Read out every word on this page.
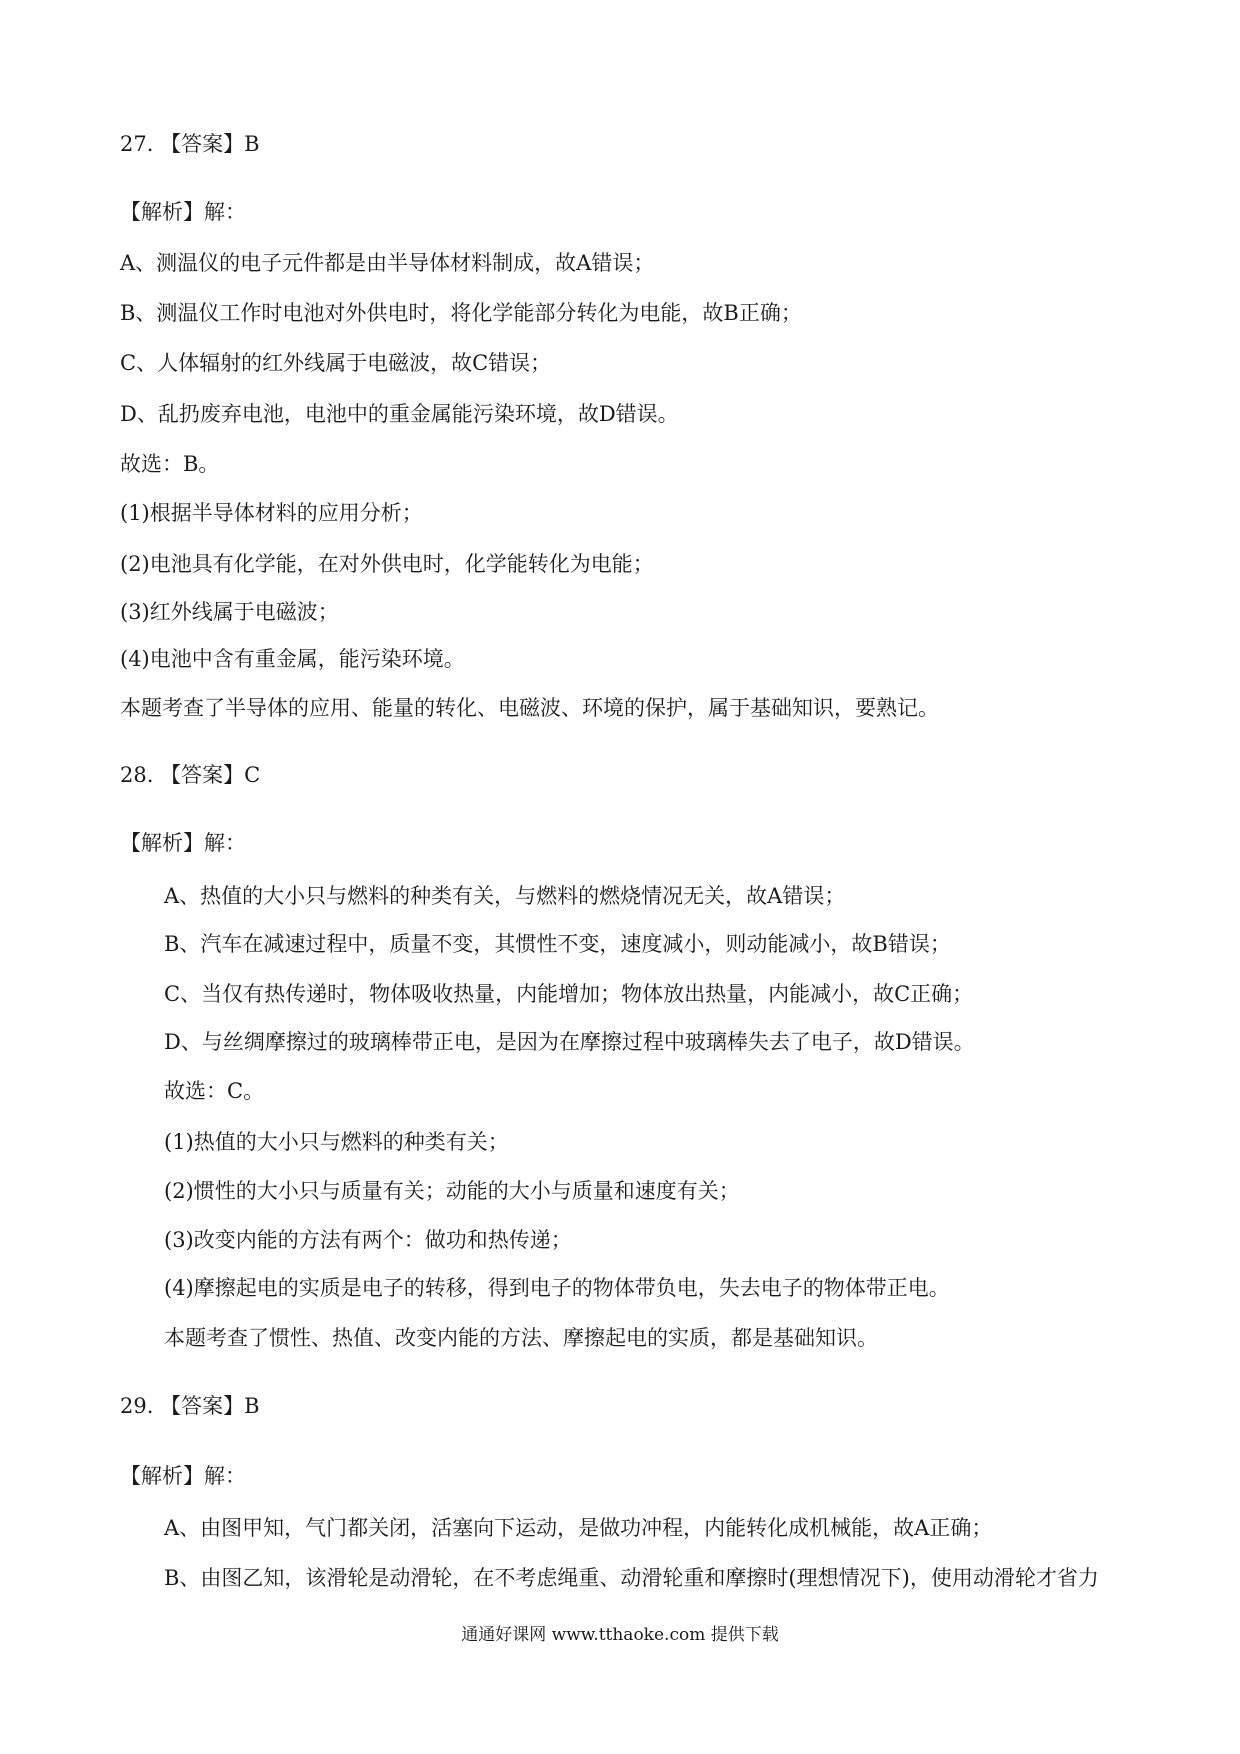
27. 【答案】B
【解析】解：
A、测温仪的电子元件都是由半导体材料制成，故A错误；
B、测温仪工作时电池对外供电时，将化学能部分转化为电能，故B正确；
C、人体辐射的红外线属于电磁波，故C错误；
D、乱扔废弃电池，电池中的重金属能污染环境，故D错误。
故选：B。
(1)根据半导体材料的应用分析；
(2)电池具有化学能，在对外供电时，化学能转化为电能；
(3)红外线属于电磁波；
(4)电池中含有重金属，能污染环境。
本题考查了半导体的应用、能量的转化、电磁波、环境的保护，属于基础知识，要熟记。
28. 【答案】C
【解析】解：
A、热值的大小只与燃料的种类有关，与燃料的燃烧情况无关，故A错误；
B、汽车在减速过程中，质量不变，其惯性不变，速度减小，则动能减小，故B错误；
C、当仅有热传递时，物体吸收热量，内能增加；物体放出热量，内能减小，故C正确；
D、与丝绸摩擦过的玻璃棒带正电，是因为在摩擦过程中玻璃棒失去了电子，故D错误。
故选：C。
(1)热值的大小只与燃料的种类有关；
(2)惯性的大小只与质量有关；动能的大小与质量和速度有关；
(3)改变内能的方法有两个：做功和热传递；
(4)摩擦起电的实质是电子的转移，得到电子的物体带负电，失去电子的物体带正电。
本题考查了惯性、热值、改变内能的方法、摩擦起电的实质，都是基础知识。
29. 【答案】B
【解析】解：
A、由图甲知，气门都关闭，活塞向下运动，是做功冲程，内能转化成机械能，故A正确；
B、由图乙知，该滑轮是动滑轮，在不考虑绳重、动滑轮重和摩擦时(理想情况下)，使用动滑轮才省力
通通好课网 www.tthaoke.com 提供下载
